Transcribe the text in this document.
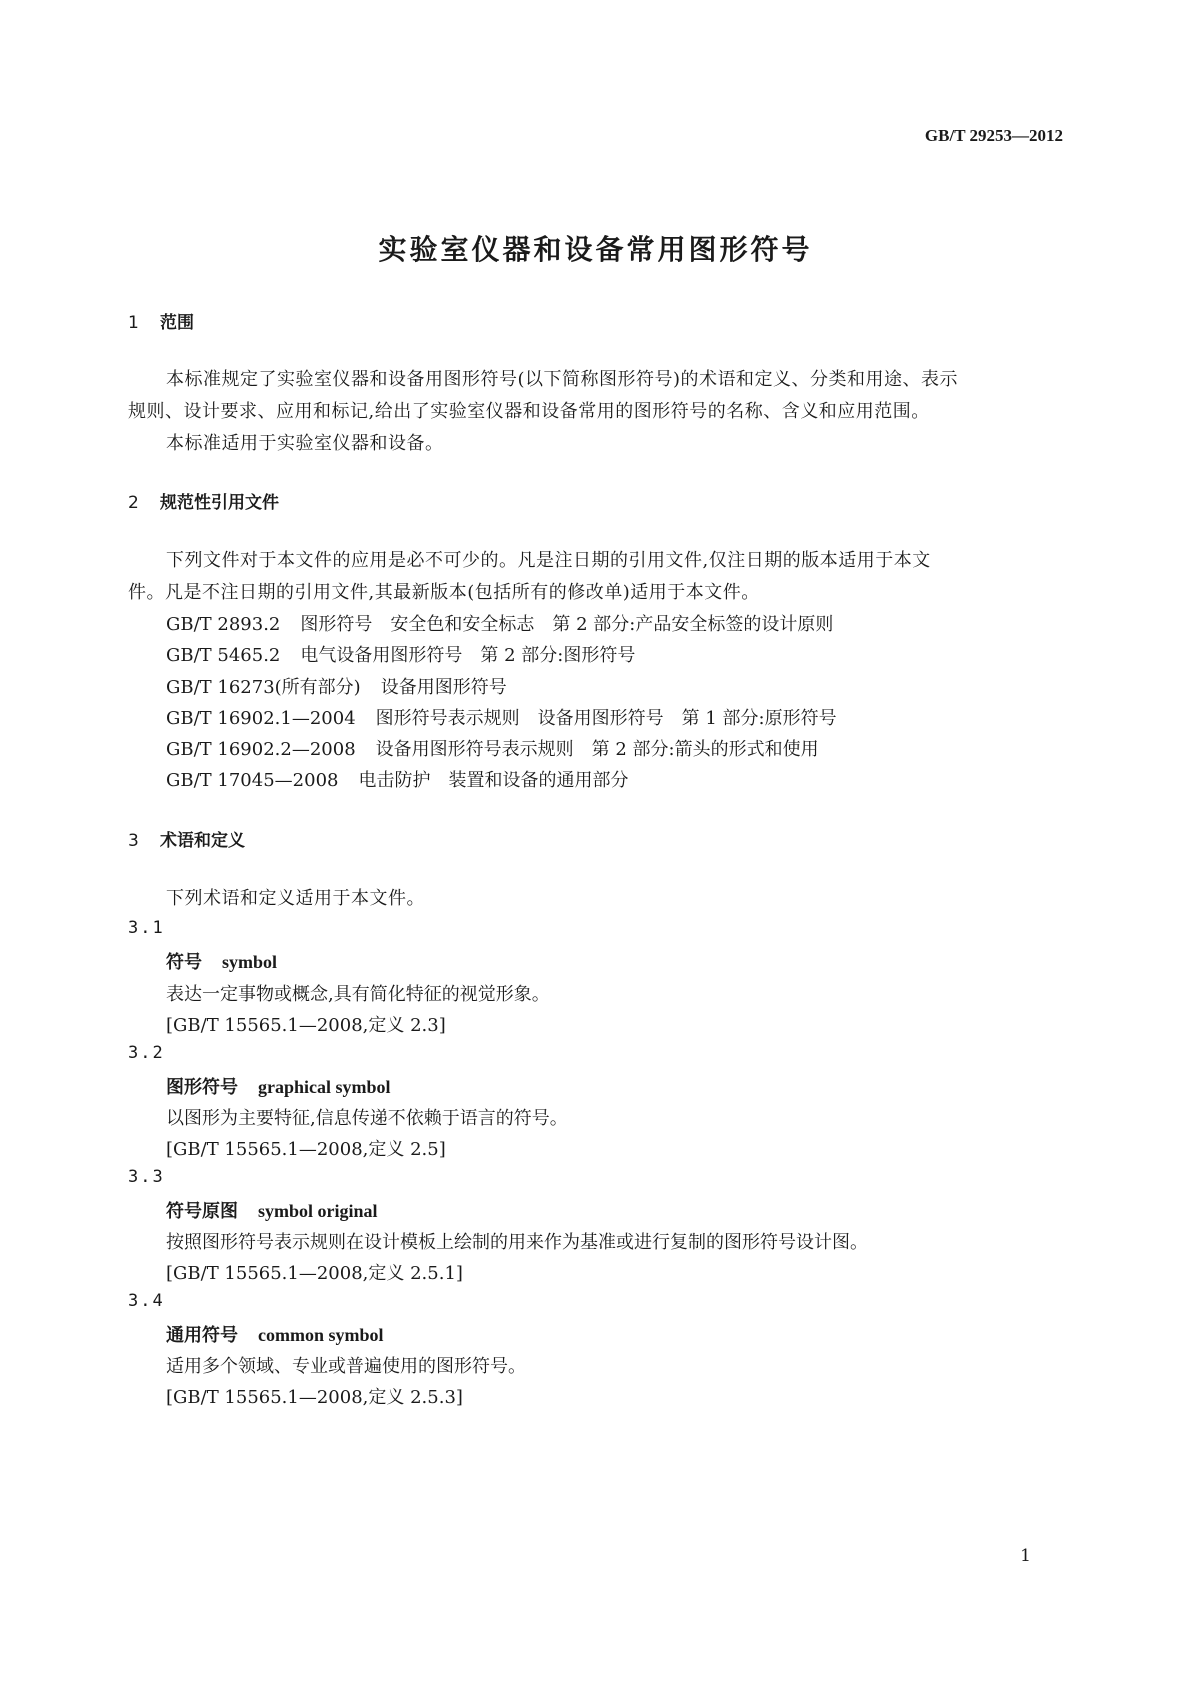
GB/T 29253—2012
实验室仪器和设备常用图形符号
1 范围
本标准规定了实验室仪器和设备用图形符号(以下简称图形符号)的术语和定义、分类和用途、表示
规则、设计要求、应用和标记,给出了实验室仪器和设备常用的图形符号的名称、含义和应用范围。
本标准适用于实验室仪器和设备。
2 规范性引用文件
下列文件对于本文件的应用是必不可少的。凡是注日期的引用文件,仅注日期的版本适用于本文
件。凡是不注日期的引用文件,其最新版本(包括所有的修改单)适用于本文件。
GB/T 2893.2 图形符号　安全色和安全标志　第 2 部分:产品安全标签的设计原则
GB/T 5465.2 电气设备用图形符号　第 2 部分:图形符号
GB/T 16273(所有部分) 设备用图形符号
GB/T 16902.1—2004 图形符号表示规则　设备用图形符号　第 1 部分:原形符号
GB/T 16902.2—2008 设备用图形符号表示规则　第 2 部分:箭头的形式和使用
GB/T 17045—2008 电击防护　装置和设备的通用部分
3 术语和定义
下列术语和定义适用于本文件。
3.1
符号 symbol
表达一定事物或概念,具有简化特征的视觉形象。
[GB/T 15565.1—2008,定义 2.3]
3.2
图形符号 graphical symbol
以图形为主要特征,信息传递不依赖于语言的符号。
[GB/T 15565.1—2008,定义 2.5]
3.3
符号原图 symbol original
按照图形符号表示规则在设计模板上绘制的用来作为基准或进行复制的图形符号设计图。
[GB/T 15565.1—2008,定义 2.5.1]
3.4
通用符号 common symbol
适用多个领域、专业或普遍使用的图形符号。
[GB/T 15565.1—2008,定义 2.5.3]
1
